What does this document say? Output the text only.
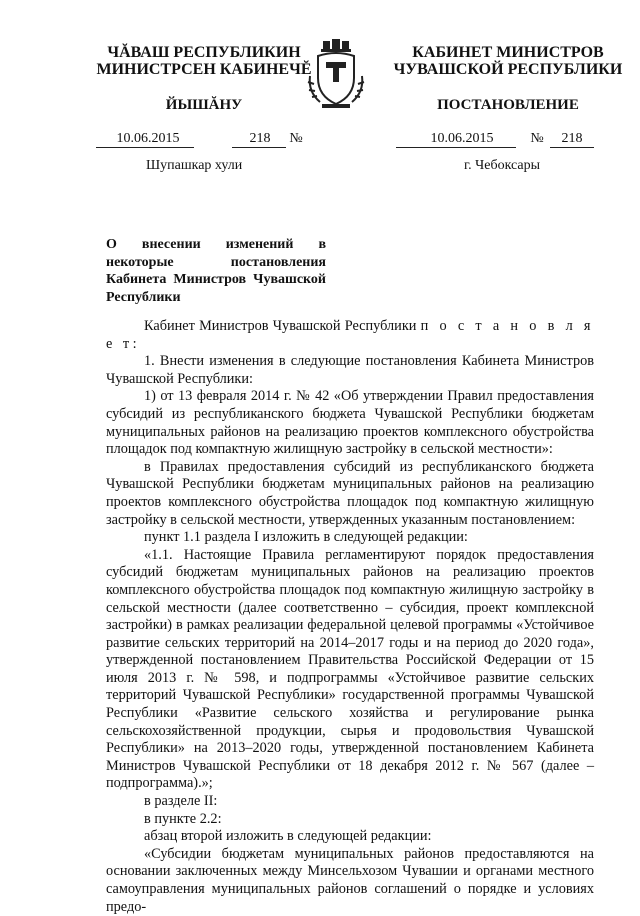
ЧĂВАШ РЕСПУБЛИКИН
МИНИСТРСЕН КАБИНЕЧĔ
ЙЫШĂНУ
КАБИНЕТ МИНИСТРОВ
ЧУВАШСКОЙ РЕСПУБЛИКИ
ПОСТАНОВЛЕНИЕ
10.06.2015	218	№	10.06.2015	№	218
Шупашкар хули	г. Чебоксары
О внесении изменений в некоторые постановления Кабинета Министров Чувашской Республики

Кабинет Министров Чувашской Республики п о с т а н о в л я е т:

1. Внести изменения в следующие постановления Кабинета Министров Чувашской Республики:

1) от 13 февраля 2014 г. № 42 «Об утверждении Правил предоставления субсидий из республиканского бюджета Чувашской Республики бюджетам муниципальных районов на реализацию проектов комплексного обустройства площадок под компактную жилищную застройку в сельской местности»:

в Правилах предоставления субсидий из республиканского бюджета Чувашской Республики бюджетам муниципальных районов на реализацию проектов комплексного обустройства площадок под компактную жилищную застройку в сельской местности, утвержденных указанным постановлением:

пункт 1.1 раздела I изложить в следующей редакции:

«1.1. Настоящие Правила регламентируют порядок предоставления субсидий бюджетам муниципальных районов на реализацию проектов комплексного обустройства площадок под компактную жилищную застройку в сельской местности (далее соответственно – субсидия, проект комплексной застройки) в рамках реализации федеральной целевой программы «Устойчивое развитие сельских территорий на 2014–2017 годы и на период до 2020 года», утвержденной постановлением Правительства Российской Федерации от 15 июля 2013 г. № 598, и подпрограммы «Устойчивое развитие сельских территорий Чувашской Республики» государственной программы Чувашской Республики «Развитие сельского хозяйства и регулирование рынка сельскохозяйственной продукции, сырья и продовольствия Чувашской Республики» на 2013–2020 годы, утвержденной постановлением Кабинета Министров Чувашской Республики от 18 декабря 2012 г. № 567 (далее – подпрограмма).»;

в разделе II:

в пункте 2.2:

абзац второй изложить в следующей редакции:

«Субсидии бюджетам муниципальных районов предоставляются на основании заключенных между Минсельхозом Чувашии и органами местного самоуправления муниципальных районов соглашений о порядке и условиях предо-
